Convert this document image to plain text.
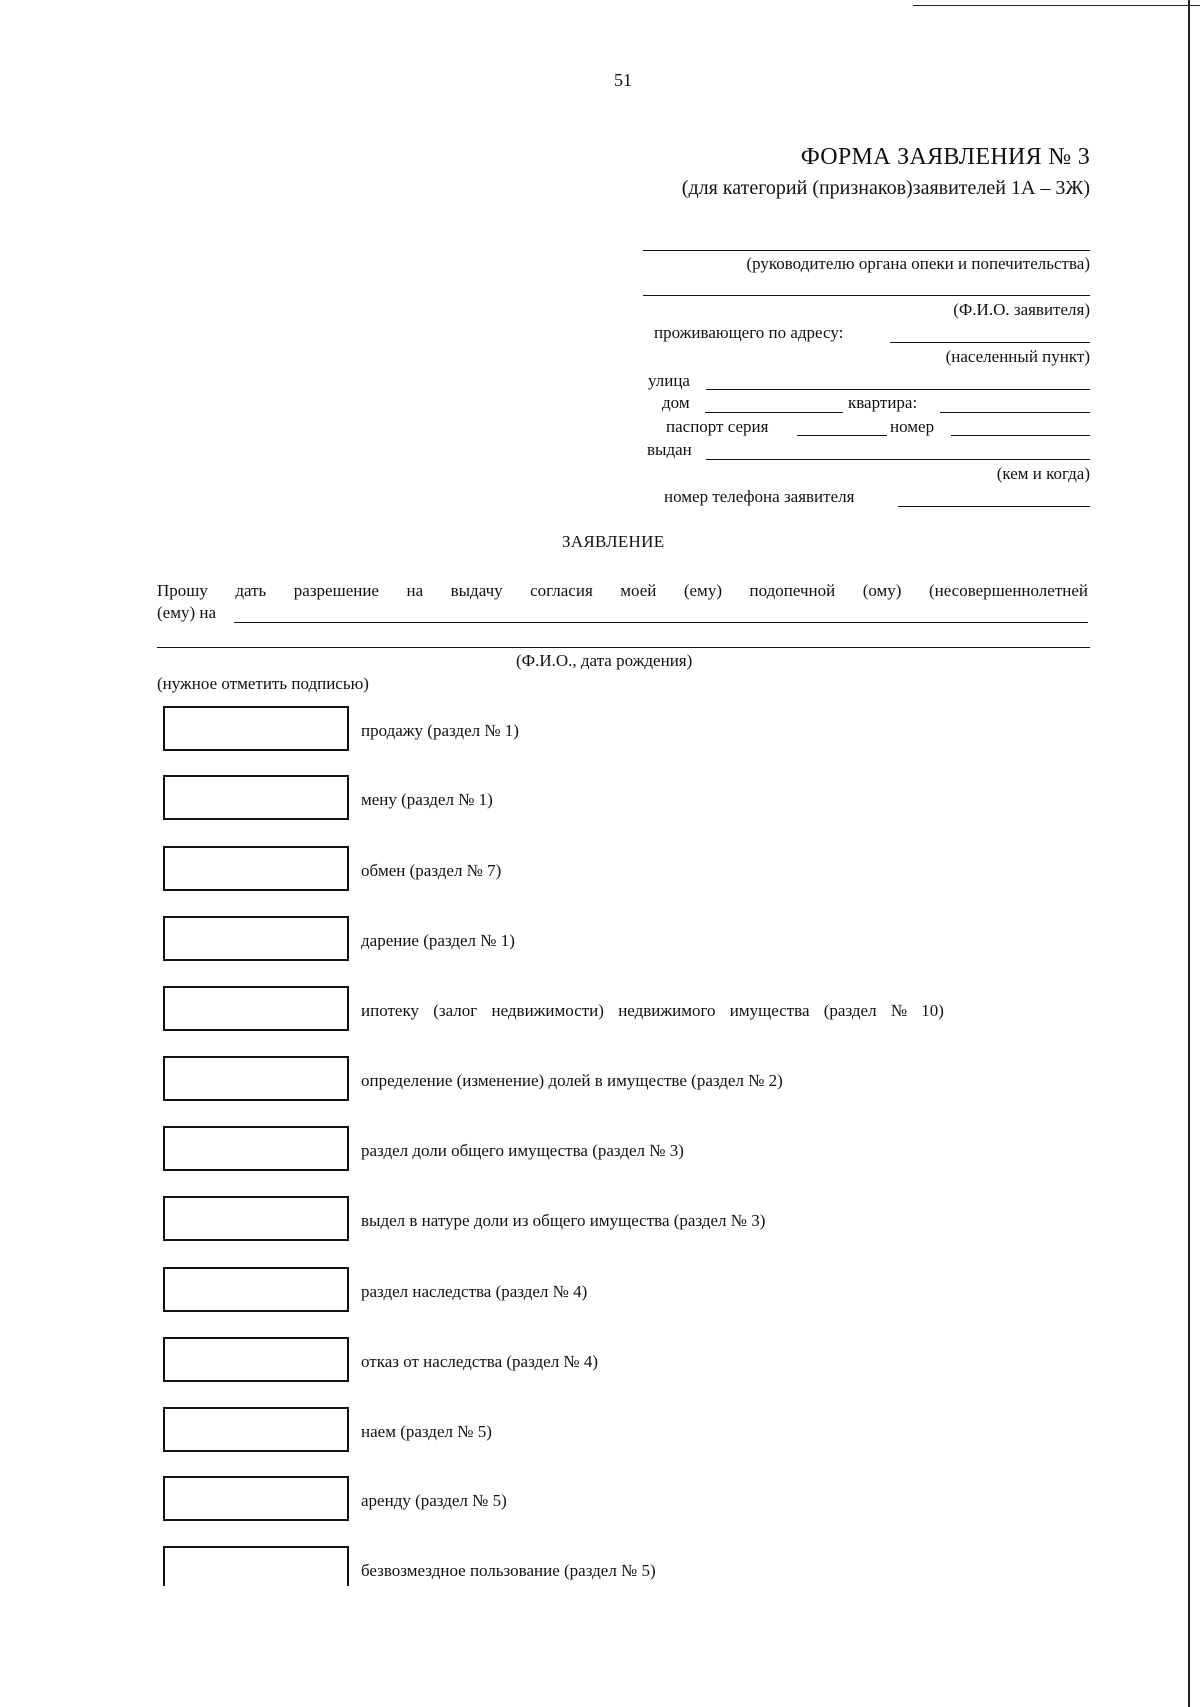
51
ФОРМА ЗАЯВЛЕНИЯ № 3
(для категорий (признаков)заявителей 1А – 3Ж)
(руководителю органа опеки и попечительства)
(Ф.И.О. заявителя)
проживающего по адресу:
(населенный пункт)
улица
дом	квартира:
паспорт серия	номер
выдан
(кем и когда)
номер телефона заявителя
ЗАЯВЛЕНИЕ
Прошу дать разрешение на выдачу согласия моей (ему) подопечной (ому) (несовершеннолетней
(ему) на
(Ф.И.О., дата рождения)
(нужное отметить подписью)
продажу (раздел № 1)
мену (раздел № 1)
обмен (раздел № 7)
дарение (раздел № 1)
ипотеку (залог недвижимости) недвижимого имущества (раздел № 10)
определение (изменение) долей в имуществе (раздел № 2)
раздел доли общего имущества (раздел № 3)
выдел в натуре доли из общего имущества (раздел № 3)
раздел наследства (раздел № 4)
отказ от наследства (раздел № 4)
наем (раздел № 5)
аренду (раздел № 5)
безвозмездное пользование (раздел № 5)
